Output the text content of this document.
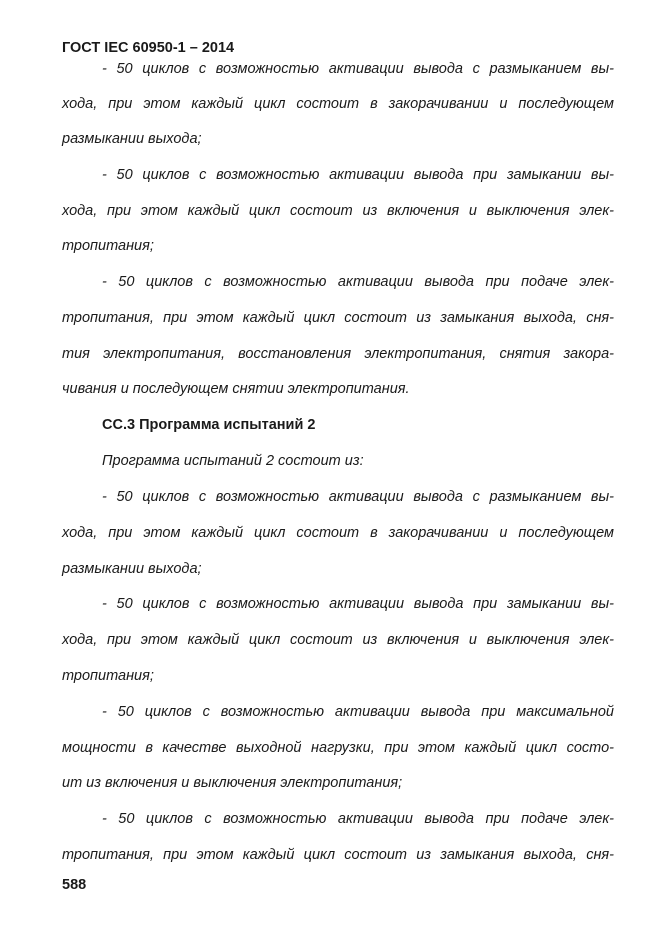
ГОСТ IEC 60950-1 – 2014
- 50 циклов с возможностью активации вывода с размыканием вы-
хода, при этом каждый цикл состоит в закорачивании и последующем
размыкании выхода;
- 50 циклов с возможностью активации вывода при замыкании вы-
хода, при этом каждый цикл состоит из включения и выключения элек-
тропитания;
- 50 циклов с возможностью активации вывода при подаче элек-
тропитания, при этом каждый цикл состоит из замыкания выхода, сня-
тия электропитания, восстановления электропитания, снятия закора-
чивания и последующем снятии электропитания.
СС.3 Программа испытаний 2
Программа испытаний 2 состоит из:
- 50 циклов с возможностью активации вывода с размыканием вы-
хода, при этом каждый цикл состоит в закорачивании и последующем
размыкании выхода;
- 50 циклов с возможностью активации вывода при замыкании вы-
хода, при этом каждый цикл состоит из включения и выключения элек-
тропитания;
- 50 циклов с возможностью активации вывода при максимальной
мощности в качестве выходной нагрузки, при этом каждый цикл состо-
ит из включения и выключения электропитания;
- 50 циклов с возможностью активации вывода при подаче элек-
тропитания, при этом каждый цикл состоит из замыкания выхода, сня-
588
